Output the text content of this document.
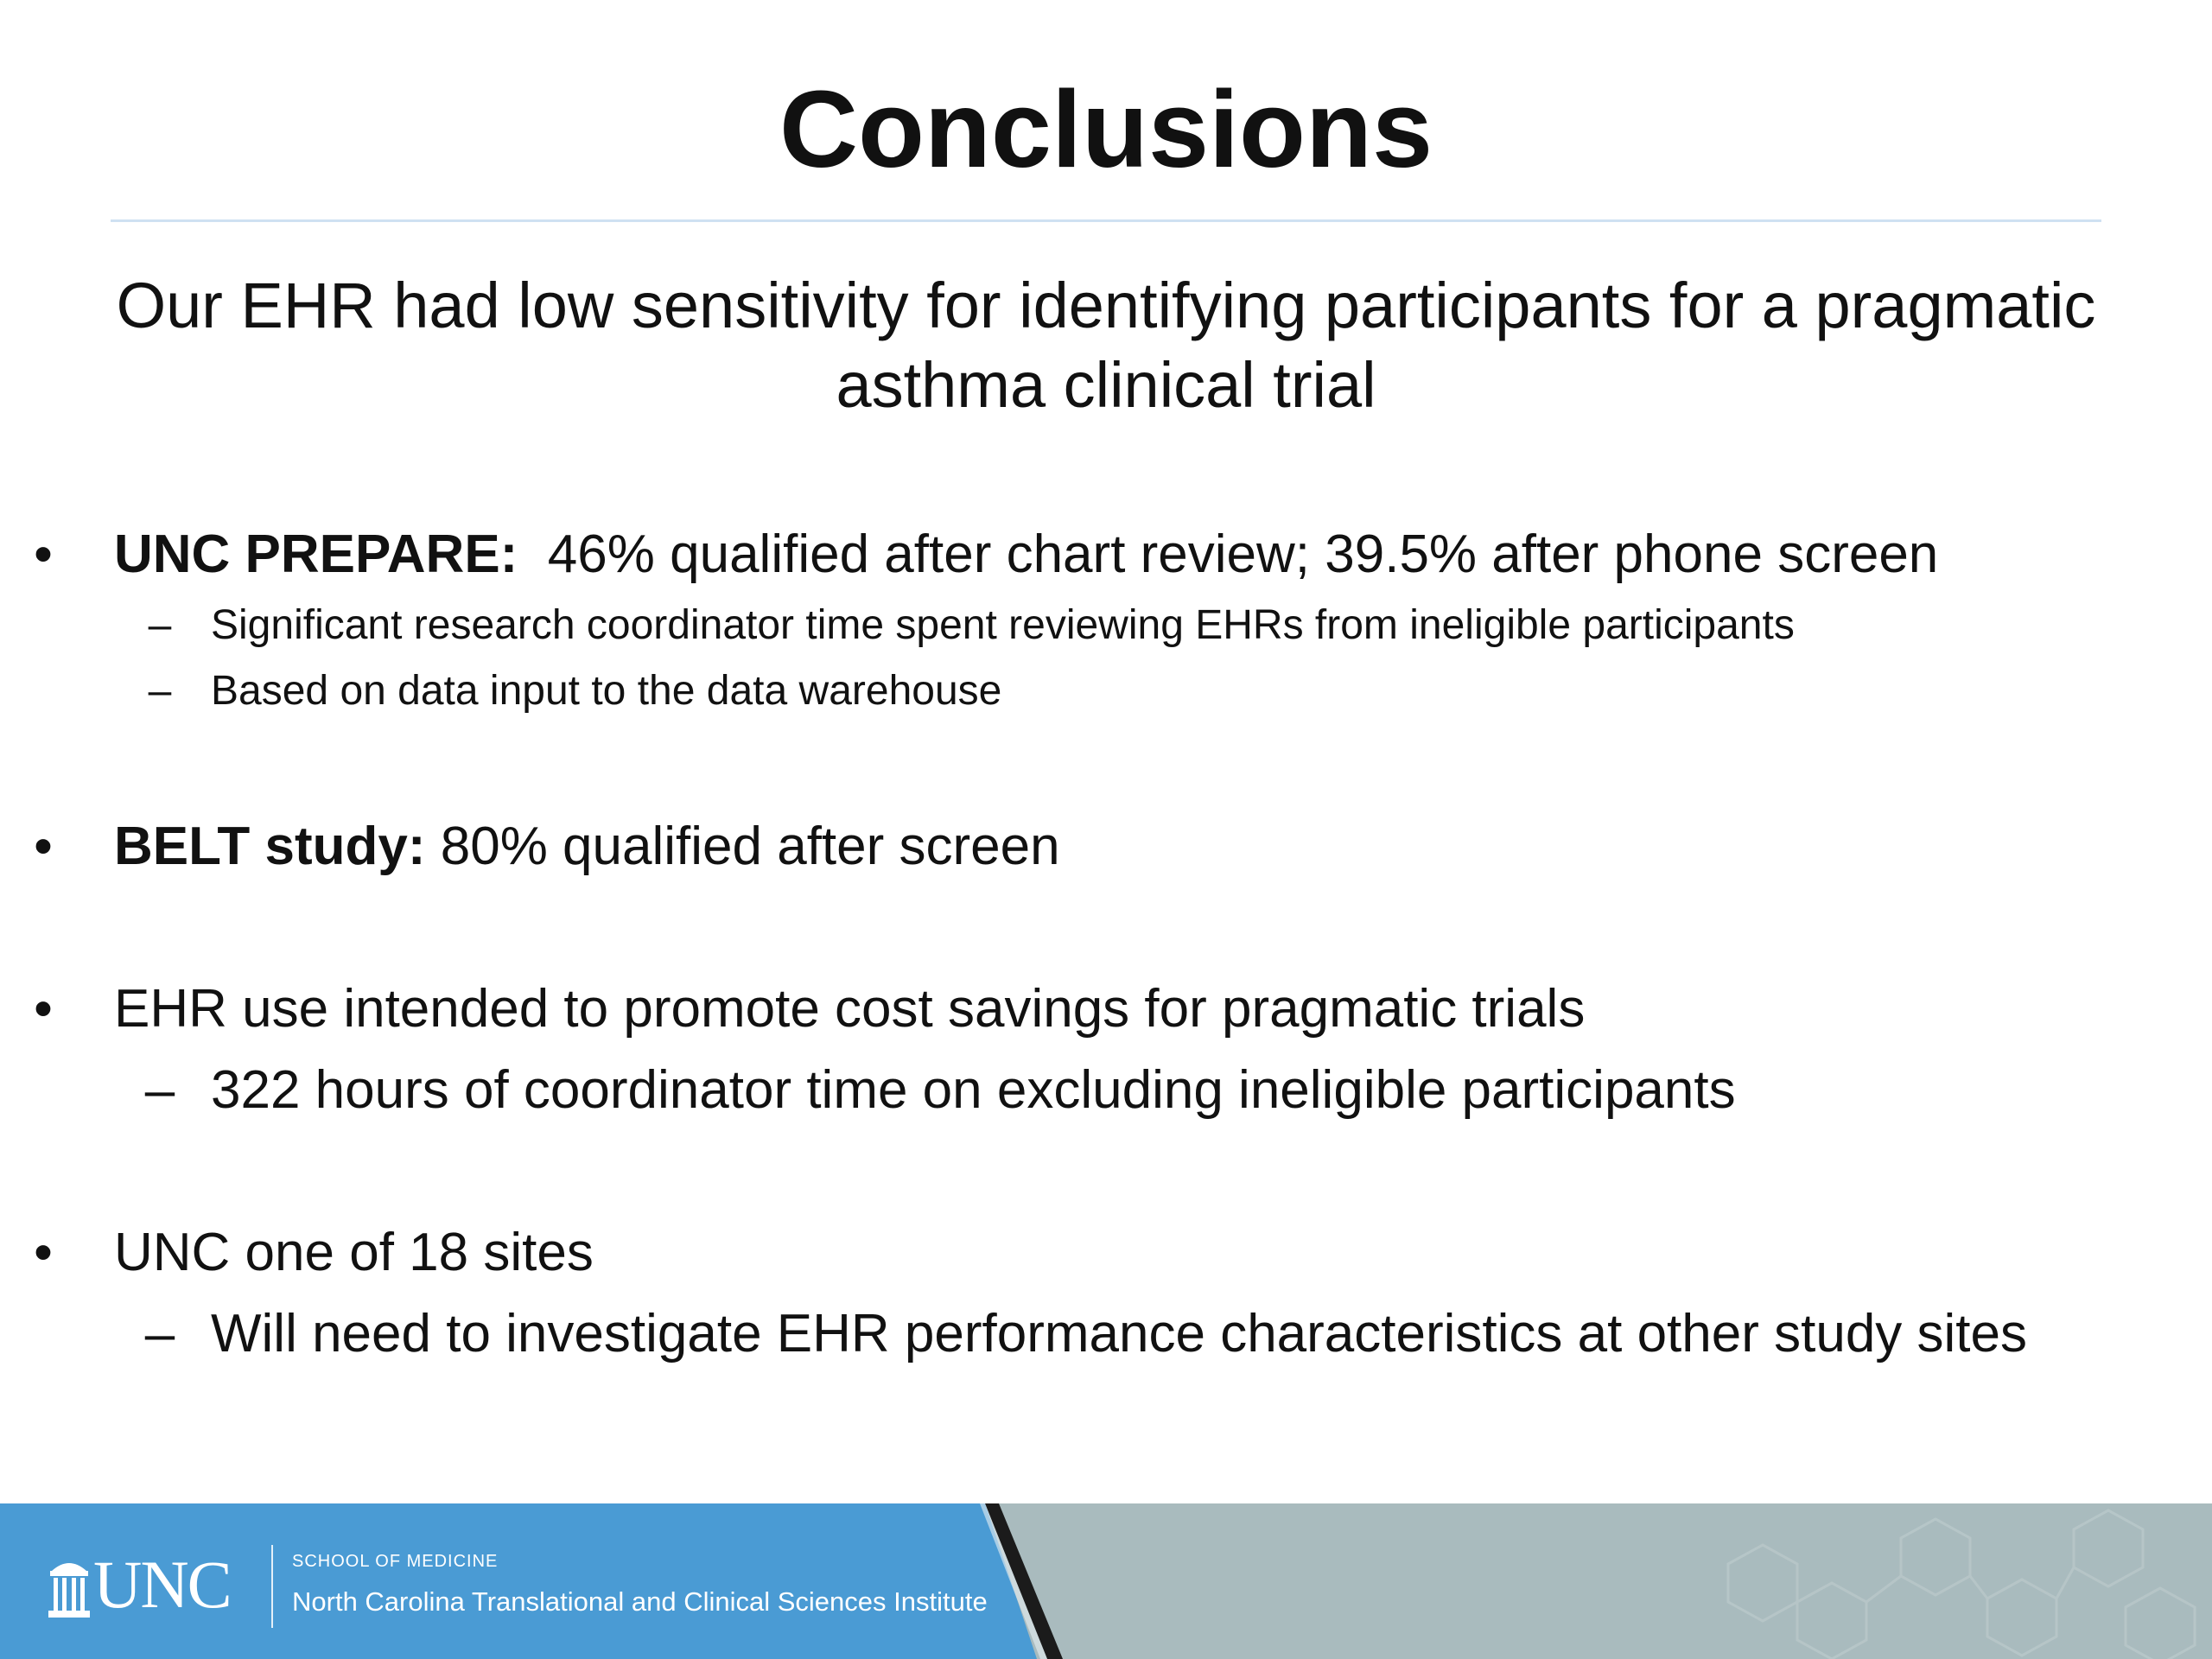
Conclusions

Our EHR had low sensitivity for identifying participants for a pragmatic asthma clinical trial

• UNC PREPARE:  46% qualified after chart review; 39.5% after phone screen
– Significant research coordinator time spent reviewing EHRs from ineligible participants
– Based on data input to the data warehouse
• BELT study: 80% qualified after screen
• EHR use intended to promote cost savings for pragmatic trials
– 322 hours of coordinator time on excluding ineligible participants
• UNC one of 18 sites
– Will need to investigate EHR performance characteristics at other study sites
UNC	SCHOOL OF MEDICINE
North Carolina Translational and Clinical Sciences Institute
